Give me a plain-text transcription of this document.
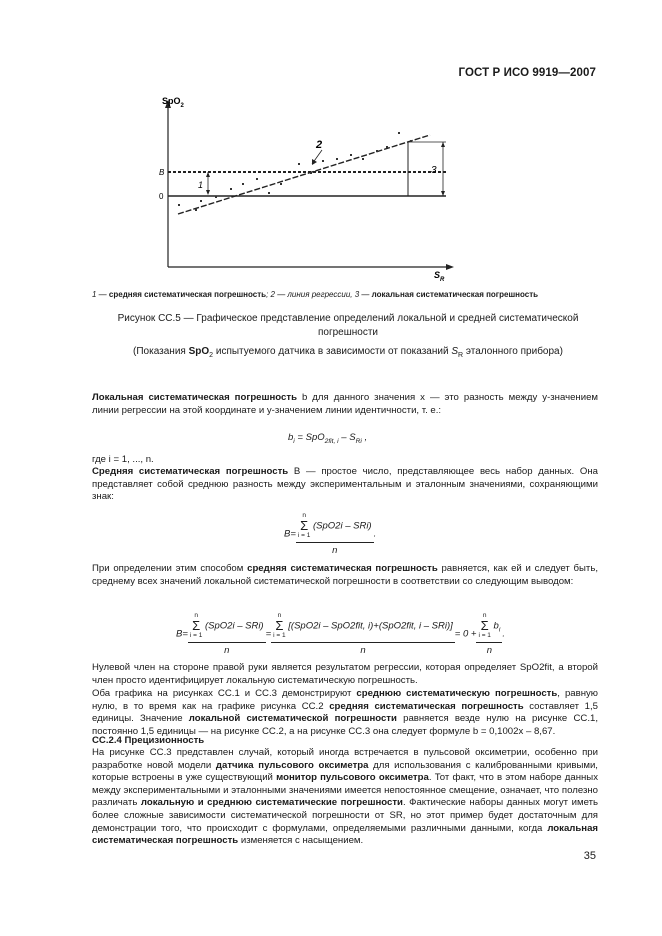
ГОСТ Р ИСО 9919—2007
SpO$_2$
$S_R$
B
0
1
2
3
1 — средняя систематическая погрешность; 2 — линия регрессии, 3 — локальная систематическая погрешность
Рисунок СС.5 — Графическое представление определений локальной и средней систематической погрешности
(Показания SpO$_2$ испытуемого датчика в зависимости от показаний $S_R$ эталонного прибора)
Локальная систематическая погрешность b для данного значения x — это разность между y-значением линии регрессии на этой координате и y-значением линии идентичности, т. е.:
$b_i = SpO_{2fit, i} - S_{Ri}$ ,
где i = 1, ..., n.
Средняя систематическая погрешность B — простое число, представляющее весь набор данных. Она представляет собой среднюю разность между экспериментальным и эталонным значениями, сохраняющими знак:
B= n
Σ
i = 1
(SpO2i – SRi)
n .
При определении этим способом средняя систематическая погрешность равняется, как ей и следует быть, среднему всех значений локальной систематической погрешности в соответствии со следующим выводом:
B= n
Σ
i = 1
(SpO2i – SRi)
n = n
Σ
i = 1
[(SpO2i – SpO2fit, i)+(SpO2fit, i – SRi)]
n = 0 + n
Σ
i = 1
$b_i$
n .
Нулевой член на стороне правой руки является результатом регрессии, которая определяет SpO2fit, а второй член просто идентифицирует локальную систематическую погрешность.
Оба графика на рисунках СС.1 и СС.3 демонстрируют среднюю систематическую погрешность, равную нулю, в то время как на графике рисунка СС.2 средняя систематическая погрешность составляет 1,5 единицы. Значение локальной систематической погрешности равняется везде нулю на рисунке СС.1, постоянно 1,5 единицы — на рисунке СС.2, а на рисунке СС.3 она следует формуле b = 0,1002x – 8,67.
СС.2.4 Прецизионность
На рисунке СС.3 представлен случай, который иногда встречается в пульсовой оксиметрии, особенно при разработке новой модели датчика пульсового оксиметра для использования с калиброванными кривыми, которые встроены в уже существующий монитор пульсового оксиметра. Тот факт, что в этом наборе данных между экспериментальными и эталонными значениями имеется непостоянное смещение, означает, что полезно различать локальную и среднюю систематические погрешности. Фактические наборы данных могут иметь более сложные зависимости систематической погрешности от SR, но этот пример будет достаточным для демонстрации того, что происходит с формулами, определяемыми различными данными, когда локальная систематическая погрешность изменяется с насыщением.
35
